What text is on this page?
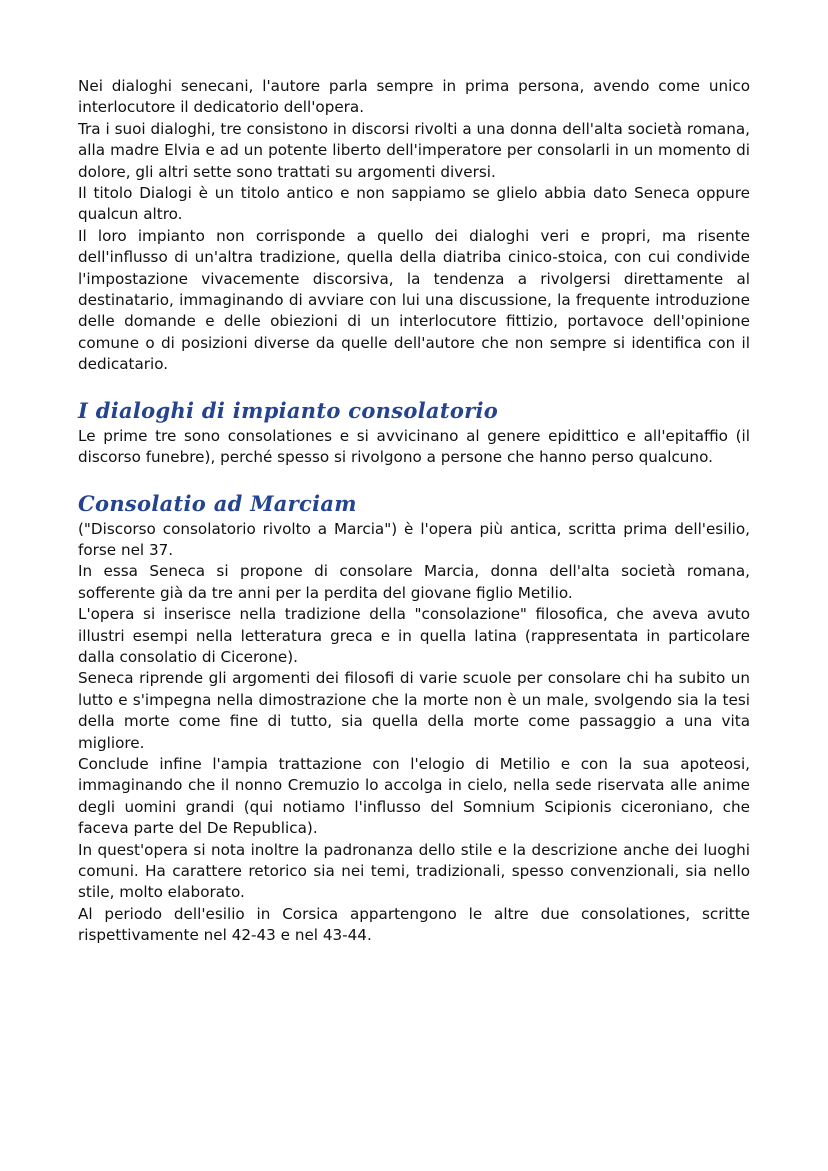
Nei dialoghi senecani, l'autore parla sempre in prima persona, avendo come unico interlocutore il dedicatorio dell'opera.

Tra i suoi dialoghi, tre consistono in discorsi rivolti a una donna dell'alta società romana, alla madre Elvia e ad un potente liberto dell'imperatore per consolarli in un momento di dolore, gli altri sette sono trattati su argomenti diversi.

Il titolo Dialogi è un titolo antico e non sappiamo se glielo abbia dato Seneca oppure qualcun altro.

Il loro impianto non corrisponde a quello dei dialoghi veri e propri, ma risente dell'influsso di un'altra tradizione, quella della diatriba cinico-stoica, con cui condivide l'impostazione vivacemente discorsiva, la tendenza a rivolgersi direttamente al destinatario, immaginando di avviare con lui una discussione, la frequente introduzione delle domande e delle obiezioni di un interlocutore fittizio, portavoce dell'opinione comune o di posizioni diverse da quelle dell'autore che non sempre si identifica con il dedicatario.

I dialoghi di impianto consolatorio

Le prime tre sono consolationes e si avvicinano al genere epidittico e all'epitaffio (il discorso funebre), perché spesso si rivolgono a persone che hanno perso qualcuno.

Consolatio ad Marciam

("Discorso consolatorio rivolto a Marcia") è l'opera più antica, scritta prima dell'esilio, forse nel 37.

In essa Seneca si propone di consolare Marcia, donna dell'alta società romana, sofferente già da tre anni per la perdita del giovane figlio Metilio.

L'opera si inserisce nella tradizione della "consolazione" filosofica, che aveva avuto illustri esempi nella letteratura greca e in quella latina (rappresentata in particolare dalla consolatio di Cicerone).

Seneca riprende gli argomenti dei filosofi di varie scuole per consolare chi ha subito un lutto e s'impegna nella dimostrazione che la morte non è un male, svolgendo sia la tesi della morte come fine di tutto, sia quella della morte come passaggio a una vita migliore.

Conclude infine l'ampia trattazione con l'elogio di Metilio e con la sua apoteosi, immaginando che il nonno Cremuzio lo accolga in cielo, nella sede riservata alle anime degli uomini grandi (qui notiamo l'influsso del Somnium Scipionis ciceroniano, che faceva parte del De Republica).

In quest'opera si nota inoltre la padronanza dello stile e la descrizione anche dei luoghi comuni. Ha carattere retorico sia nei temi, tradizionali, spesso convenzionali, sia nello stile, molto elaborato.

Al periodo dell'esilio in Corsica appartengono le altre due consolationes, scritte rispettivamente nel 42-43 e nel 43-44.
